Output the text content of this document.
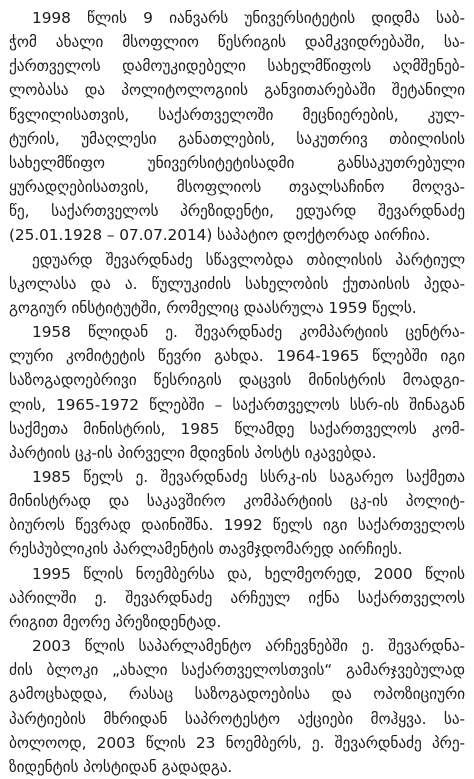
1998 წლის 9 იანვარს უნივერსიტეტის დიდმა საბ-
ჭომ ახალი მსოფლიო წესრიგის დამკვიდრებაში, სა-
ქართველოს დამოუკიდებელი სახელმწიფოს აღმშენებ-
ლობასა და პოლიტოლოგიის განვითარებაში შეტანილი
წვლილისათვის, საქართველოში მეცნიერების, კულ-
ტურის, უმაღლესი განათლების, საკუთრივ თბილისის
სახელმწიფო უნივერსიტეტისადმი განსაკუთრებული
ყურადღებისათვის, მსოფლიოს თვალსაჩინო მოღვა-
წე, საქართველოს პრეზიდენტი, ედუარდ შევარდნაძე
(25.01.1928 – 07.07.2014) საპატიო დოქტორად აირჩია.
ედუარდ შევარდნაძე სწავლობდა თბილისის პარტიულ
სკოლასა და ა. წულუკიძის სახელობის ქუთაისის პედა-
გოგიურ ინსტიტუტში, რომელიც დაასრულა 1959 წელს.
1958 წლიდან ე. შევარდნაძე კომპარტიის ცენტრა-
ლური კომიტეტის წევრი გახდა. 1964-1965 წლებში იგი
საზოგადოებრივი წესრიგის დაცვის მინისტრის მოადგი-
ლის, 1965-1972 წლებში – საქართველოს სსრ-ის შინაგან
საქმეთა მინისტრის, 1985 წლამდე საქართველოს კომ-
პარტიის ცკ-ის პირველი მდივნის პოსტს იკავებდა.
1985 წელს ე. შევარდნაძე სსრკ-ის საგარეო საქმეთა
მინისტრად და საკავშირო კომპარტიის ცკ-ის პოლიტ-
ბიუროს წევრად დაინიშნა. 1992 წელს იგი საქართველოს
რესპუბლიკის პარლამენტის თავმჯდომარედ აირჩიეს.
1995 წლის ნოემბერსა და, ხელმეორედ, 2000 წლის
აპრილში ე. შევარდნაძე არჩეულ იქნა საქართველოს
რიგით მეორე პრეზიდენტად.
2003 წლის საპარლამენტო არჩევნებში ე. შევარდნა-
ძის ბლოკი „ახალი საქართველოსთვის“ გამარჯვებულად
გამოცხადდა, რასაც საზოგადოებისა და ოპოზიციური
პარტიების მხრიდან საპროტესტო აქციები მოჰყვა. სა-
ბოლოოდ, 2003 წლის 23 ნოემბერს, ე. შევარდნაძე პრე-
ზიდენტის პოსტიდან გადადგა.
